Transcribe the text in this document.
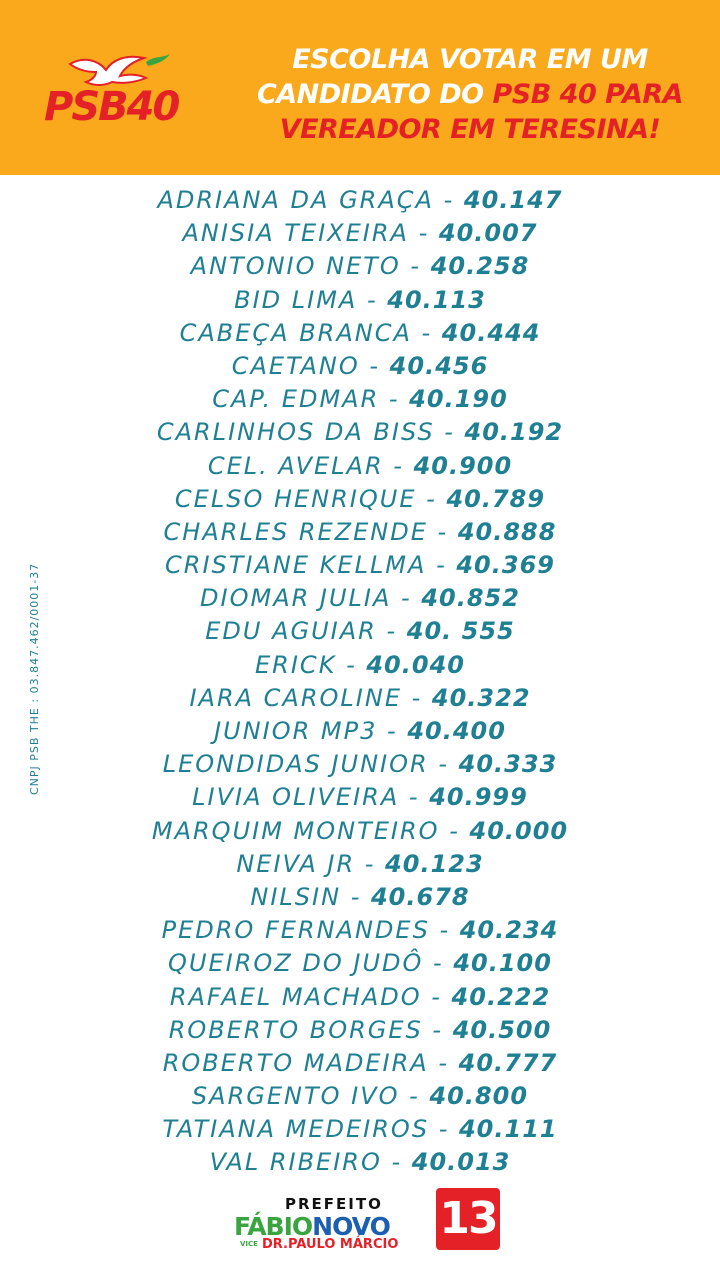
PSB40
ESCOLHA VOTAR EM UM
CANDIDATO DO PSB 40 PARA
VEREADOR EM TERESINA!
ADRIANA DA GRAÇA - 40.147
ANISIA TEIXEIRA - 40.007
ANTONIO NETO - 40.258
BID LIMA - 40.113
CABEÇA BRANCA - 40.444
CAETANO - 40.456
CAP. EDMAR - 40.190
CARLINHOS DA BISS - 40.192
CEL. AVELAR - 40.900
CELSO HENRIQUE - 40.789
CHARLES REZENDE - 40.888
CRISTIANE KELLMA - 40.369
DIOMAR JULIA - 40.852
EDU AGUIAR - 40. 555
ERICK - 40.040
IARA CAROLINE - 40.322
JUNIOR MP3 - 40.400
LEONDIDAS JUNIOR - 40.333
LIVIA OLIVEIRA - 40.999
MARQUIM MONTEIRO - 40.000
NEIVA JR - 40.123
NILSIN - 40.678
PEDRO FERNANDES - 40.234
QUEIROZ DO JUDÔ - 40.100
RAFAEL MACHADO - 40.222
ROBERTO BORGES - 40.500
ROBERTO MADEIRA - 40.777
SARGENTO IVO - 40.800
TATIANA MEDEIROS - 40.111
VAL RIBEIRO - 40.013
CNPJ PSB THE : 03.847.462/0001-37
PREFEITO
FÁBIONOVO
VICE DR.PAULO MÁRCIO
13
